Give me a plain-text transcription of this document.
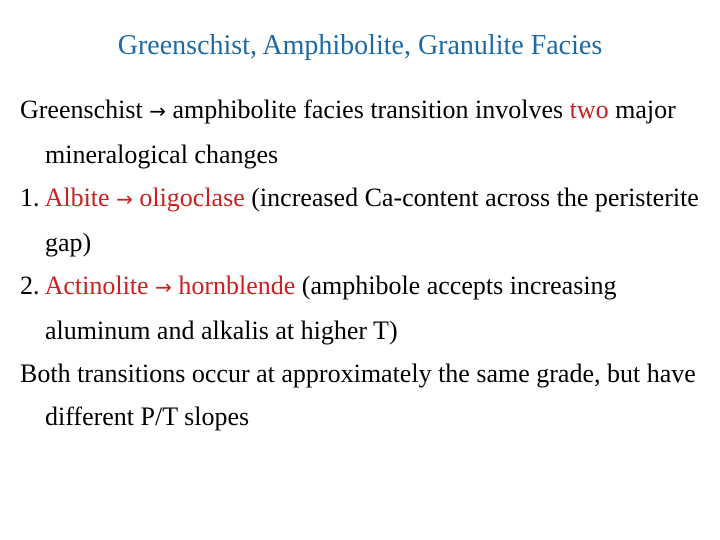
Greenschist, Amphibolite, Granulite Facies

Greenschist → amphibolite facies transition involves two major mineralogical changes

1. Albite → oligoclase (increased Ca-content across the peristerite gap)

2. Actinolite → hornblende (amphibole accepts increasing aluminum and alkalis at higher T)

Both transitions occur at approximately the same grade, but have different P/T slopes
